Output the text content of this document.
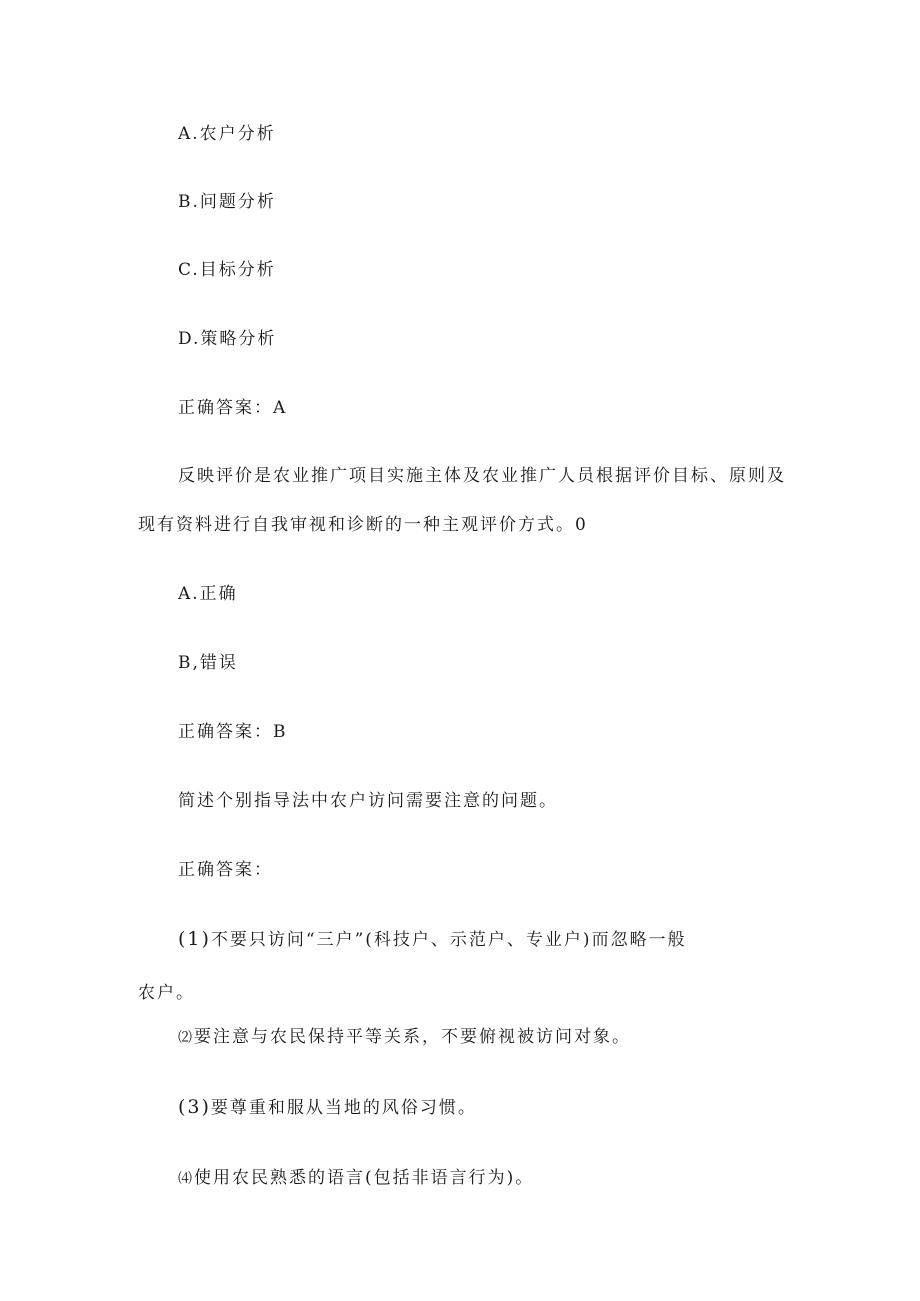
A.农户分析
B.问题分析
C.目标分析
D.策略分析
正确答案：A
反映评价是农业推广项目实施主体及农业推广人员根据评价目标、原则及
现有资料进行自我审视和诊断的一种主观评价方式。0
A.正确
B,错误
正确答案：B
简述个别指导法中农户访问需要注意的问题。
正确答案：
(1)不要只访问“三户”(科技户、示范户、专业户)而忽略一般
农户。
⑵要注意与农民保持平等关系，不要俯视被访问对象。
(3)要尊重和服从当地的风俗习惯。
⑷使用农民熟悉的语言(包括非语言行为)。
